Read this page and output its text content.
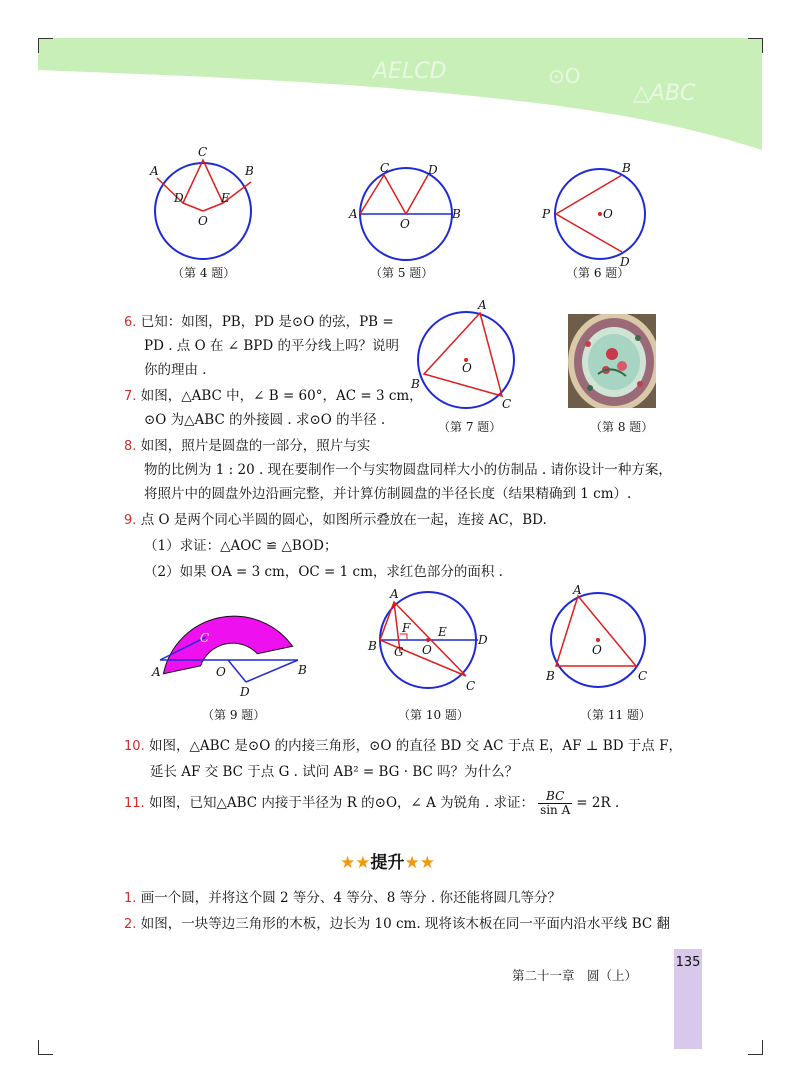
AELCD	⊙O
△ABC
A
C
B
D	E
O
（第 4 题）
A
C	D
B
O
（第 5 题）
P
B
D
O
（第 6 题）
6. 已知：如图，PB，PD 是⊙O 的弦，PB =
PD . 点 O 在 ∠ BPD 的平分线上吗？说明
你的理由 .
7. 如图，△ABC 中，∠ B = 60°，AC = 3 cm，
⊙O 为△ABC 的外接圆 . 求⊙O 的半径 .
A
B
C
O
（第 7 题）	（第 8 题）
8. 如图，照片是圆盘的一部分，照片与实
物的比例为 1 : 20 . 现在要制作一个与实物圆盘同样大小的仿制品 . 请你设计一种方案，
将照片中的圆盘外边沿画完整，并计算仿制圆盘的半径长度（结果精确到 1 cm）.
9. 点 O 是两个同心半圆的圆心，如图所示叠放在一起，连接 AC，BD.
（1）求证：△AOC ≌ △BOD；
（2）如果 OA = 3 cm，OC = 1 cm，求红色部分的面积 .
C
A	O	B
D
（第 9 题）
A
F E
D
B G O
C
（第 10 题）
A
B	C
O
（第 11 题）
10. 如图，△ABC 是⊙O 的内接三角形，⊙O 的直径 BD 交 AC 于点 E，AF ⊥ BD 于点 F，
延长 AF 交 BC 于点 G . 试问 AB² = BG · BC 吗？为什么？
11. 如图，已知△ABC 内接于半径为 R 的⊙O，∠ A 为锐角 . 求证： $\frac{BC}{\text{sin A}} = 2R$ .
★★提升★★
1. 画一个圆，并将这个圆 2 等分、4 等分、8 等分 . 你还能将圆几等分？
2. 如图，一块等边三角形的木板，边长为 10 cm. 现将该木板在同一平面内沿水平线 BC 翻
第二十一章　圆（上）
135
